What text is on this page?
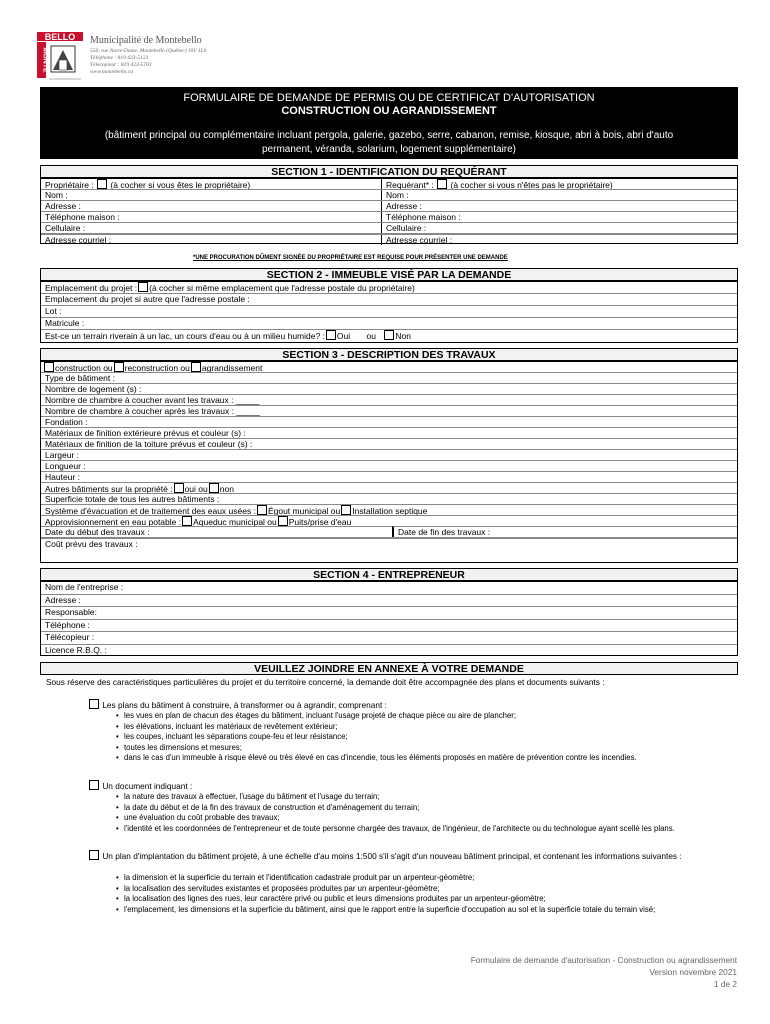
BELLO
MONTE
Municipalité de Montebello
550, rue Notre-Dame, Montebello (Québec) J0V 1L0
Téléphone : 819 423-5123
Télécopieur : 819 423-5703
www.montebello.ca
FORMULAIRE DE DEMANDE DE PERMIS OU DE CERTIFICAT D'AUTORISATION
CONSTRUCTION OU AGRANDISSEMENT
(bâtiment principal ou complémentaire incluant pergola, galerie, gazebo, serre, cabanon, remise, kiosque, abri à bois, abri d'auto
permanent, véranda, solarium, logement supplémentaire)
SECTION 1 - IDENTIFICATION DU REQUÉRANT
Propriétaire : (à cocher si vous êtes le propriétaire)	Requérant* : (à cocher si vous n'êtes pas le propriétaire)
Nom :	Nom :
Adresse :	Adresse :
Téléphone maison :	Téléphone maison :
Cellulaire :	Cellulaire :
Adresse courriel :	Adresse courriel :
*UNE PROCURATION DÛMENT SIGNÉE DU PROPRIÉTAIRE EST REQUISE POUR PRÉSENTER UNE DEMANDE
SECTION 2 - IMMEUBLE VISÉ PAR LA DEMANDE
Emplacement du projet : (à cocher si même emplacement que l'adresse postale du propriétaire)
Emplacement du projet si autre que l'adresse postale :
Lot :
Matricule :
Est-ce un terrain riverain à un lac, un cours d'eau ou à un milieu humide? : Oui ou Non
SECTION 3 - DESCRIPTION DES TRAVAUX
construction ou reconstruction ou agrandissement
Type de bâtiment :
Nombre de logement (s) :
Nombre de chambre à coucher avant les travaux : _____
Nombre de chambre à coucher après les travaux : _____
Fondation :
Matériaux de finition extérieure prévus et couleur (s) :
Matériaux de finition de la toiture prévus et couleur (s) :
Largeur :
Longueur :
Hauteur :
Autres bâtiments sur la propriété : oui ou non
Superficie totale de tous les autres bâtiments :
Système d'évacuation et de traitement des eaux usées : Égout municipal ou Installation septique
Approvisionnement en eau potable : Aqueduc municipal ou Puits/prise d'eau
Date du début des travaux :	Date de fin des travaux :
Coût prévu des travaux :
SECTION 4 - ENTREPRENEUR
Nom de l'entreprise :
Adresse :
Responsable:
Téléphone :
Télécopieur :
Licence R.B.Q. :
VEUILLEZ JOINDRE EN ANNEXE À VOTRE DEMANDE
Sous réserve des caractéristiques particulières du projet et du territoire concerné, la demande doit être accompagnée des plans et documents suivants :
Les plans du bâtiment à construire, à transformer ou à agrandir, comprenant :
• les vues en plan de chacun des étages du bâtiment, incluant l'usage projeté de chaque pièce ou aire de plancher;
• les élévations, incluant les matériaux de revêtement extérieur;
• les coupes, incluant les séparations coupe-feu et leur résistance;
• toutes les dimensions et mesures;
• dans le cas d'un immeuble à risque élevé ou très élevé en cas d'incendie, tous les éléments proposés en matière de prévention contre les incendies.
Un document indiquant :
• la nature des travaux à effectuer, l'usage du bâtiment et l'usage du terrain;
• la date du début et de la fin des travaux de construction et d'aménagement du terrain;
• une évaluation du coût probable des travaux;
• l'identité et les coordonnées de l'entrepreneur et de toute personne chargée des travaux, de l'ingénieur, de l'architecte ou du technologue ayant scellé les plans.
Un plan d'implantation du bâtiment projeté, à une échelle d'au moins 1:500 s'il s'agit d'un nouveau bâtiment principal, et contenant les informations suivantes :
• la dimension et la superficie du terrain et l'identification cadastrale produit par un arpenteur-géomètre;
• la localisation des servitudes existantes et proposées produites par un arpenteur-géomètre;
• la localisation des lignes des rues, leur caractère privé ou public et leurs dimensions produites par un arpenteur-géomètre;
• l'emplacement, les dimensions et la superficie du bâtiment, ainsi que le rapport entre la superficie d'occupation au sol et la superficie totale du terrain visé;
Formulaire de demande d'autorisation - Construction ou agrandissement
Version novembre 2021
1 de 2
